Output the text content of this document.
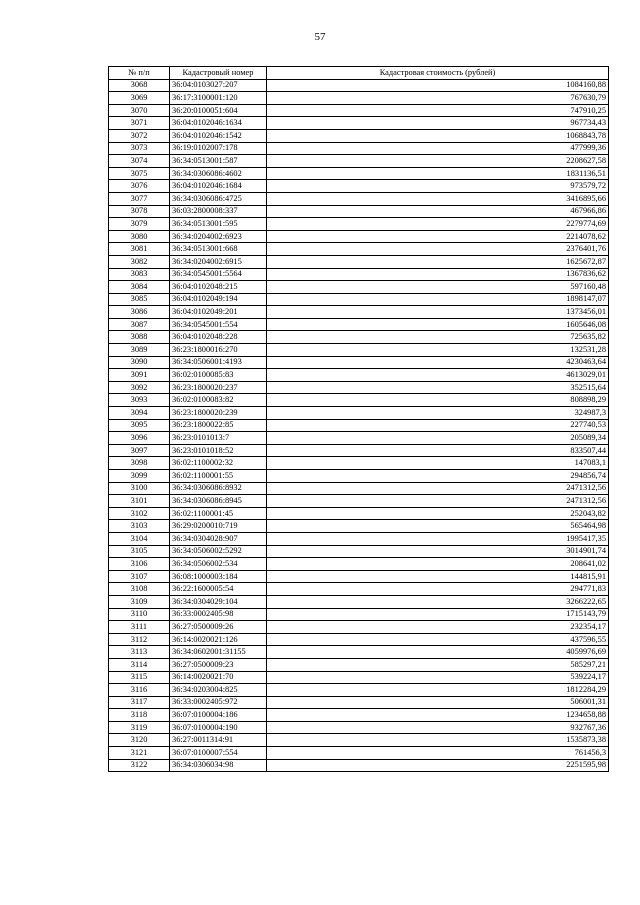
57
№ п/п	Кадастровый номер	Кадастровая стоимость (рублей)
3068	36:04:0103027:207	1084160,88
3069	36:17:3100001:120	767630,79
3070	36:20:0100051:604	747910,25
3071	36:04:0102046:1634	967734,43
3072	36:04:0102046:1542	1068843,78
3073	36:19:0102007:178	477999,36
3074	36:34:0513001:587	2208627,58
3075	36:34:0306086:4602	1831136,51
3076	36:04:0102046:1684	973579,72
3077	36:34:0306086:4725	3416895,66
3078	36:03:2800008:337	467966,86
3079	36:34:0513001:595	2279774,69
3080	36:34:0204002:6923	2214078,62
3081	36:34:0513001:668	2376401,76
3082	36:34:0204002:6915	1625672,87
3083	36:34:0545001:5564	1367836,62
3084	36:04:0102048:215	597160,48
3085	36:04:0102049:194	1898147,07
3086	36:04:0102049:201	1373456,01
3087	36:34:0545001:554	1605646,08
3088	36:04:0102048:228	725635,82
3089	36:23:1800016:270	132531,28
3090	36:34:0506001:4193	4230463,64
3091	36:02:0100085:83	4613029,01
3092	36:23:1800020:237	352515,64
3093	36:02:0100083:82	808898,29
3094	36:23:1800020:239	324987,3
3095	36:23:1800022:85	227740,53
3096	36:23:0101013:7	205089,34
3097	36:23:0101018:52	833507,44
3098	36:02:1100002:32	147083,1
3099	36:02:1100001:55	294856,74
3100	36:34:0306086:8932	2471312,56
3101	36:34:0306086:8945	2471312,56
3102	36:02:1100001:45	252043,82
3103	36:29:0200010:719	565464,98
3104	36:34:0304028:907	1995417,35
3105	36:34:0506002:5292	3014901,74
3106	36:34:0506002:534	208641,02
3107	36:08:1000003:184	144815,91
3108	36:22:1600005:54	294771,83
3109	36:34:0304029:104	3266222,65
3110	36:33:0002405:98	1715143,79
3111	36:27:0500009:26	232354,17
3112	36:14:0020021:126	437596,55
3113	36:34:0602001:31155	4059976,69
3114	36:27:0500009:23	585297,21
3115	36:14:0020021:70	539224,17
3116	36:34:0203004:825	1812284,29
3117	36:33:0002405:972	506001,31
3118	36:07:0100004:186	1234658,88
3119	36:07:0100004:190	932767,36
3120	36:27:0011314:91	1535873,38
3121	36:07:0100007:554	761456,3
3122	36:34:0306034:98	2251595,98
